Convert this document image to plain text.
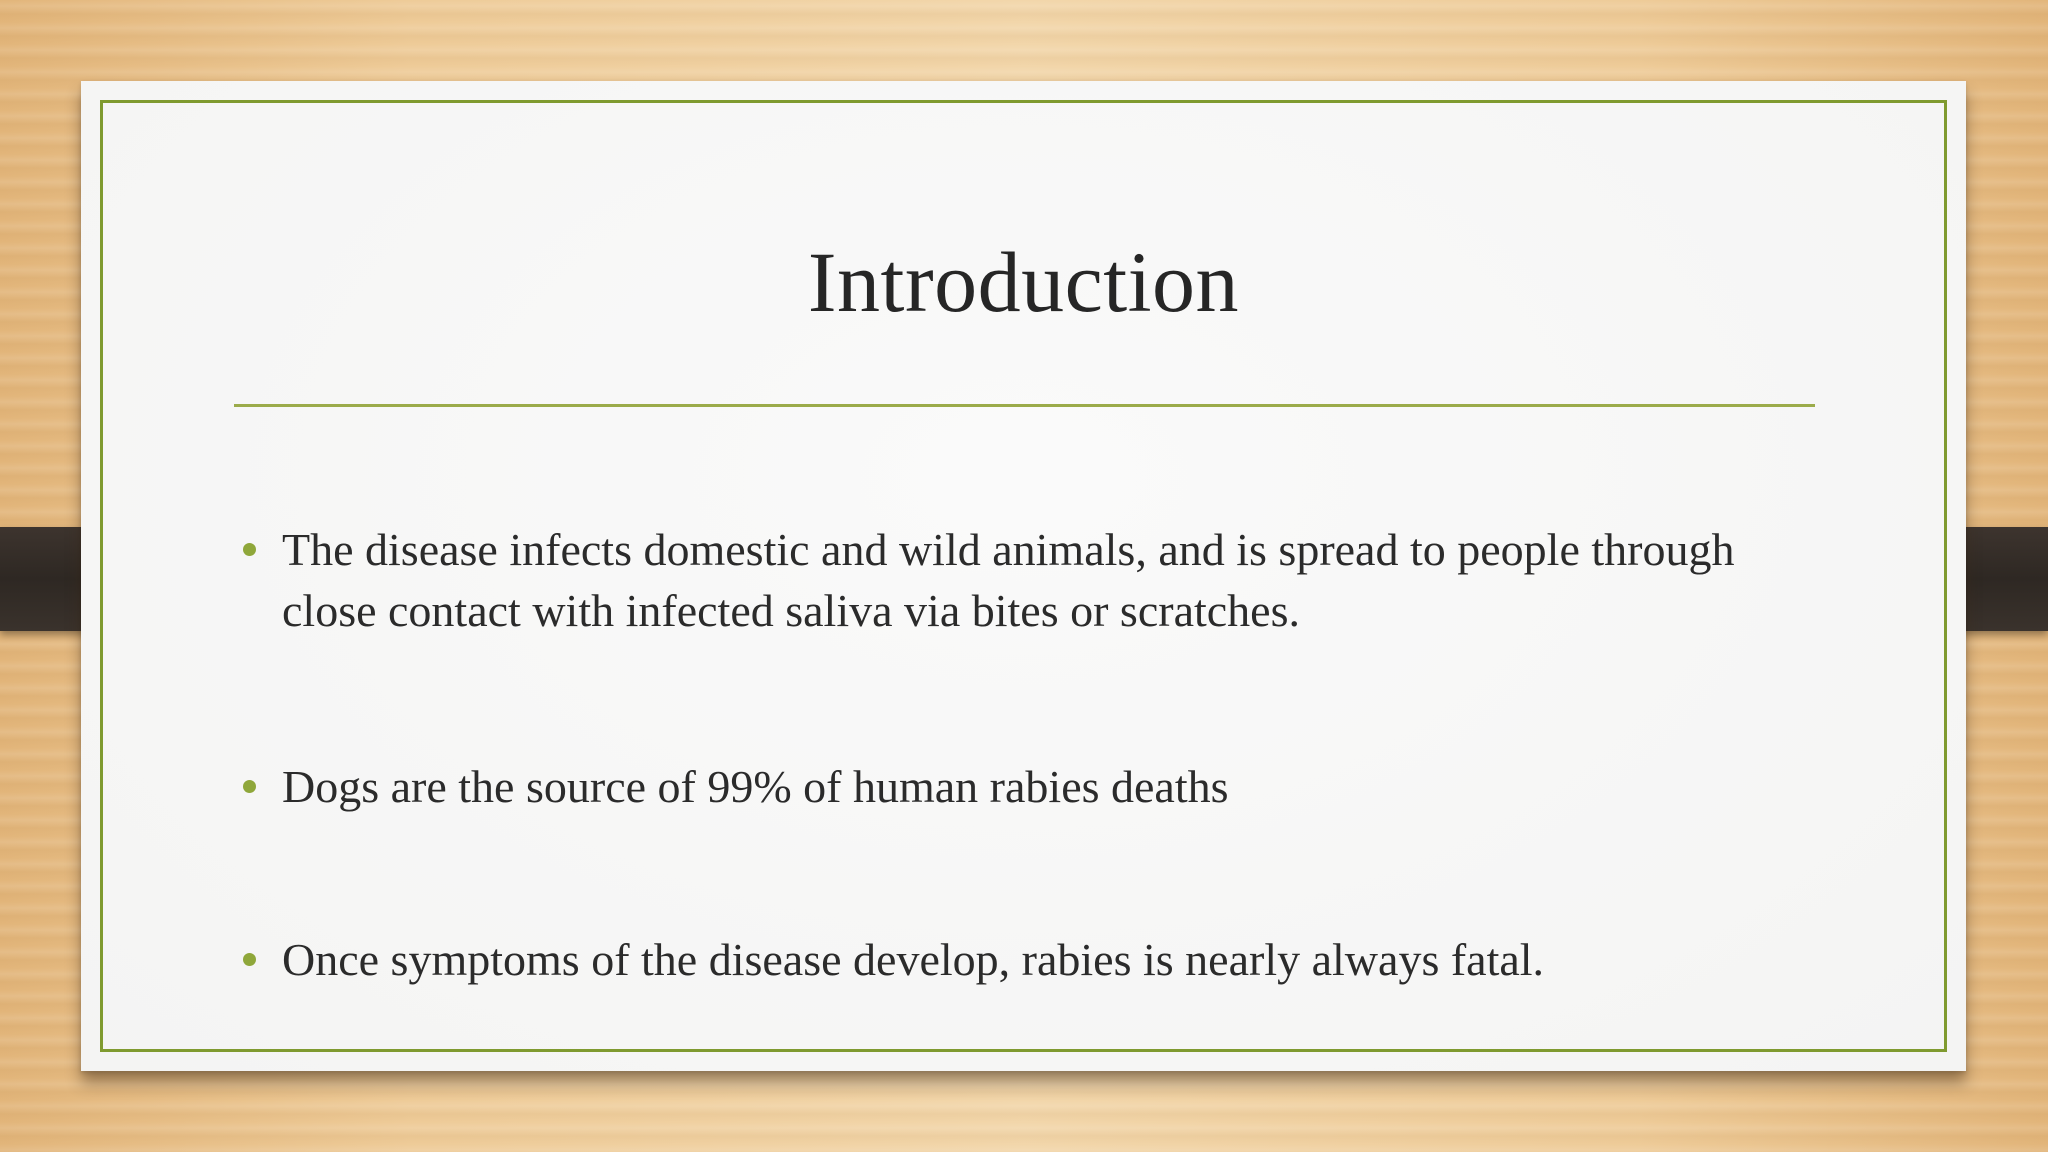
Introduction
The disease infects domestic and wild animals, and is spread to people through close contact with infected saliva via bites or scratches.
Dogs are the source of 99% of human rabies deaths
Once symptoms of the disease develop, rabies is nearly always fatal.
